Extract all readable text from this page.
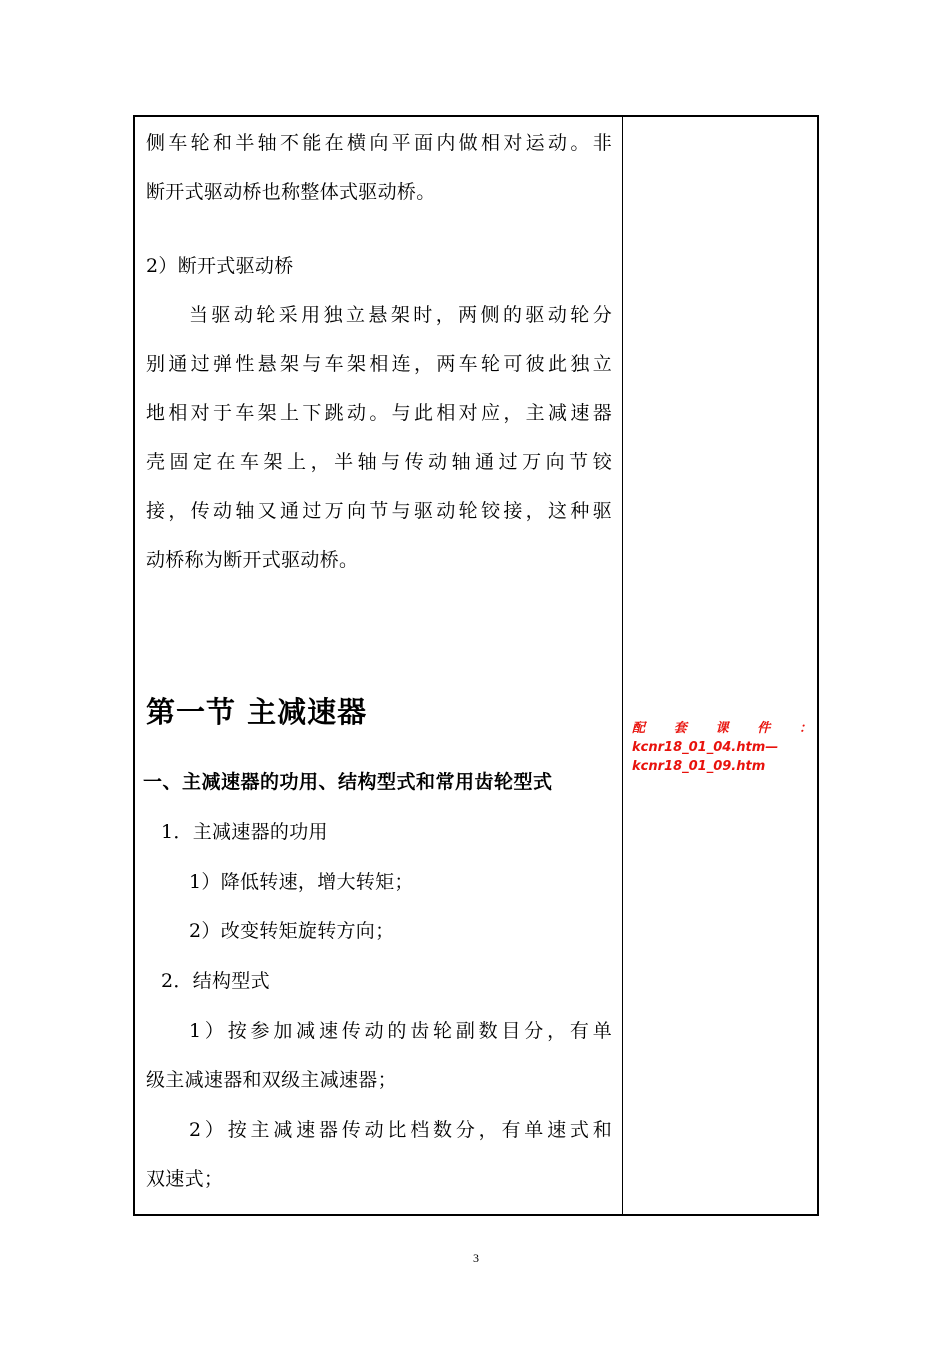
侧车轮和半轴不能在横向平面内做相对运动。非
断开式驱动桥也称整体式驱动桥。
2）断开式驱动桥
当驱动轮采用独立悬架时，两侧的驱动轮分
别通过弹性悬架与车架相连，两车轮可彼此独立
地相对于车架上下跳动。与此相对应，主减速器
壳固定在车架上，半轴与传动轴通过万向节铰
接，传动轴又通过万向节与驱动轮铰接，这种驱
动桥称为断开式驱动桥。
第一节 主减速器
一、主减速器的功用、结构型式和常用齿轮型式
1．主减速器的功用
1）降低转速，增大转矩；
2）改变转矩旋转方向；
2．结构型式
1）按参加减速传动的齿轮副数目分，有单
级主减速器和双级主减速器；
2）按主减速器传动比档数分，有单速式和
双速式；
配 套 课 件 ：
kcnr18_01_04.htm—
kcnr18_01_09.htm
3
